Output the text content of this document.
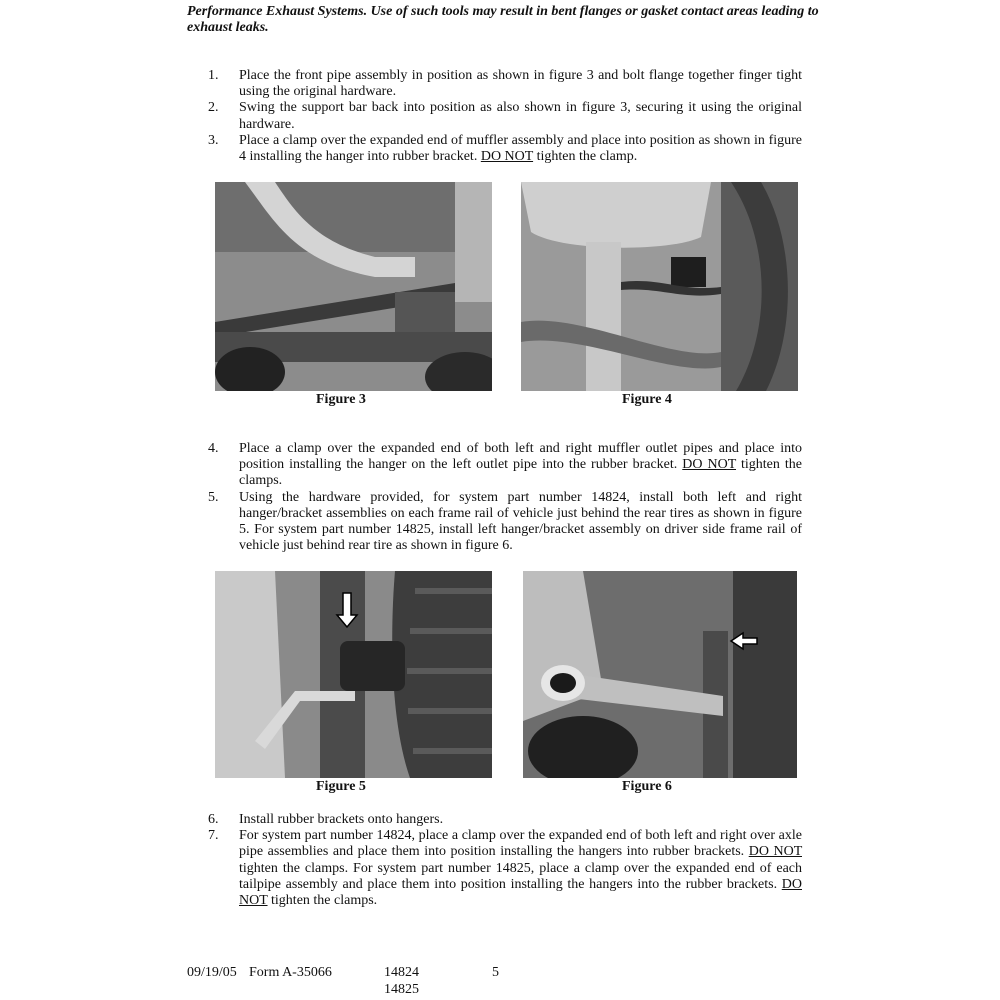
Performance Exhaust Systems. Use of such tools may result in bent flanges or gasket contact areas leading to exhaust leaks.
1.	Place the front pipe assembly in position as shown in figure 3 and bolt flange together finger tight using the original hardware.
2.	Swing the support bar back into position as also shown in figure 3, securing it using the original hardware.
3.	Place a clamp over the expanded end of muffler assembly and place into position as shown in figure 4 installing the hanger into rubber bracket. DO NOT tighten the clamp.
Figure 3	Figure 4
4.	Place a clamp over the expanded end of both left and right muffler outlet pipes and place into position installing the hanger on the left outlet pipe into the rubber bracket. DO NOT tighten the clamps.
5.	Using the hardware provided, for system part number 14824, install both left and right hanger/bracket assemblies on each frame rail of vehicle just behind the rear tires as shown in figure 5. For system part number 14825, install left hanger/bracket assembly on driver side frame rail of vehicle just behind rear tire as shown in figure 6.
Figure 5	Figure 6
6.	Install rubber brackets onto hangers.
7.	For system part number 14824, place a clamp over the expanded end of both left and right over axle pipe assemblies and place them into position installing the hangers into rubber brackets. DO NOT tighten the clamps. For system part number 14825, place a clamp over the expanded end of each tailpipe assembly and place them into position installing the hangers into the rubber brackets. DO NOT tighten the clamps.
09/19/05 Form A-35066	14824
14825
5
